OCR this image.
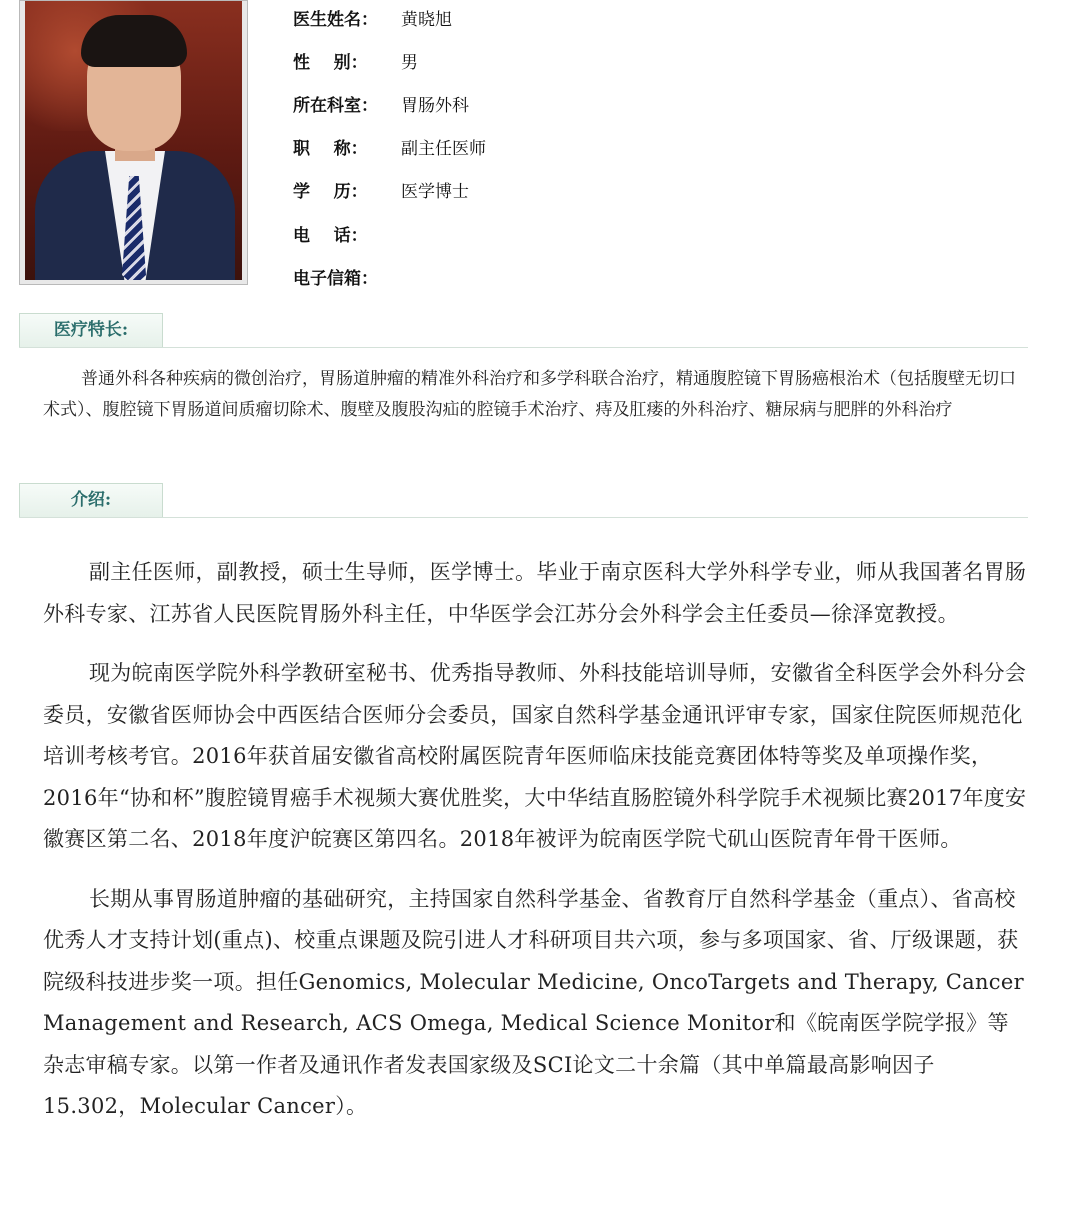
医生姓名： 黄晓旭
性    别： 男
所在科室： 胃肠外科
职    称： 副主任医师
学    历： 医学博士
电    话：
电子信箱：
医疗特长:

普通外科各种疾病的微创治疗，胃肠道肿瘤的精准外科治疗和多学科联合治疗，精通腹腔镜下胃肠癌根治术（包括腹壁无切口术式）、腹腔镜下胃肠道间质瘤切除术、腹壁及腹股沟疝的腔镜手术治疗、痔及肛瘘的外科治疗、糖尿病与肥胖的外科治疗

介绍:

副主任医师，副教授，硕士生导师，医学博士。毕业于南京医科大学外科学专业，师从我国著名胃肠外科专家、江苏省人民医院胃肠外科主任，中华医学会江苏分会外科学会主任委员—徐泽宽教授。

现为皖南医学院外科学教研室秘书、优秀指导教师、外科技能培训导师，安徽省全科医学会外科分会委员，安徽省医师协会中西医结合医师分会委员，国家自然科学基金通讯评审专家，国家住院医师规范化培训考核考官。2016年获首届安徽省高校附属医院青年医师临床技能竞赛团体特等奖及单项操作奖，2016年“协和杯”腹腔镜胃癌手术视频大赛优胜奖，大中华结直肠腔镜外科学院手术视频比赛2017年度安徽赛区第二名、2018年度沪皖赛区第四名。2018年被评为皖南医学院弋矶山医院青年骨干医师。

长期从事胃肠道肿瘤的基础研究，主持国家自然科学基金、省教育厅自然科学基金（重点）、省高校优秀人才支持计划(重点)、校重点课题及院引进人才科研项目共六项，参与多项国家、省、厅级课题，获院级科技进步奖一项。担任Genomics, Molecular Medicine, OncoTargets and Therapy, Cancer Management and Research, ACS Omega, Medical Science Monitor和《皖南医学院学报》等杂志审稿专家。以第一作者及通讯作者发表国家级及SCI论文二十余篇（其中单篇最高影响因子15.302，Molecular Cancer）。
